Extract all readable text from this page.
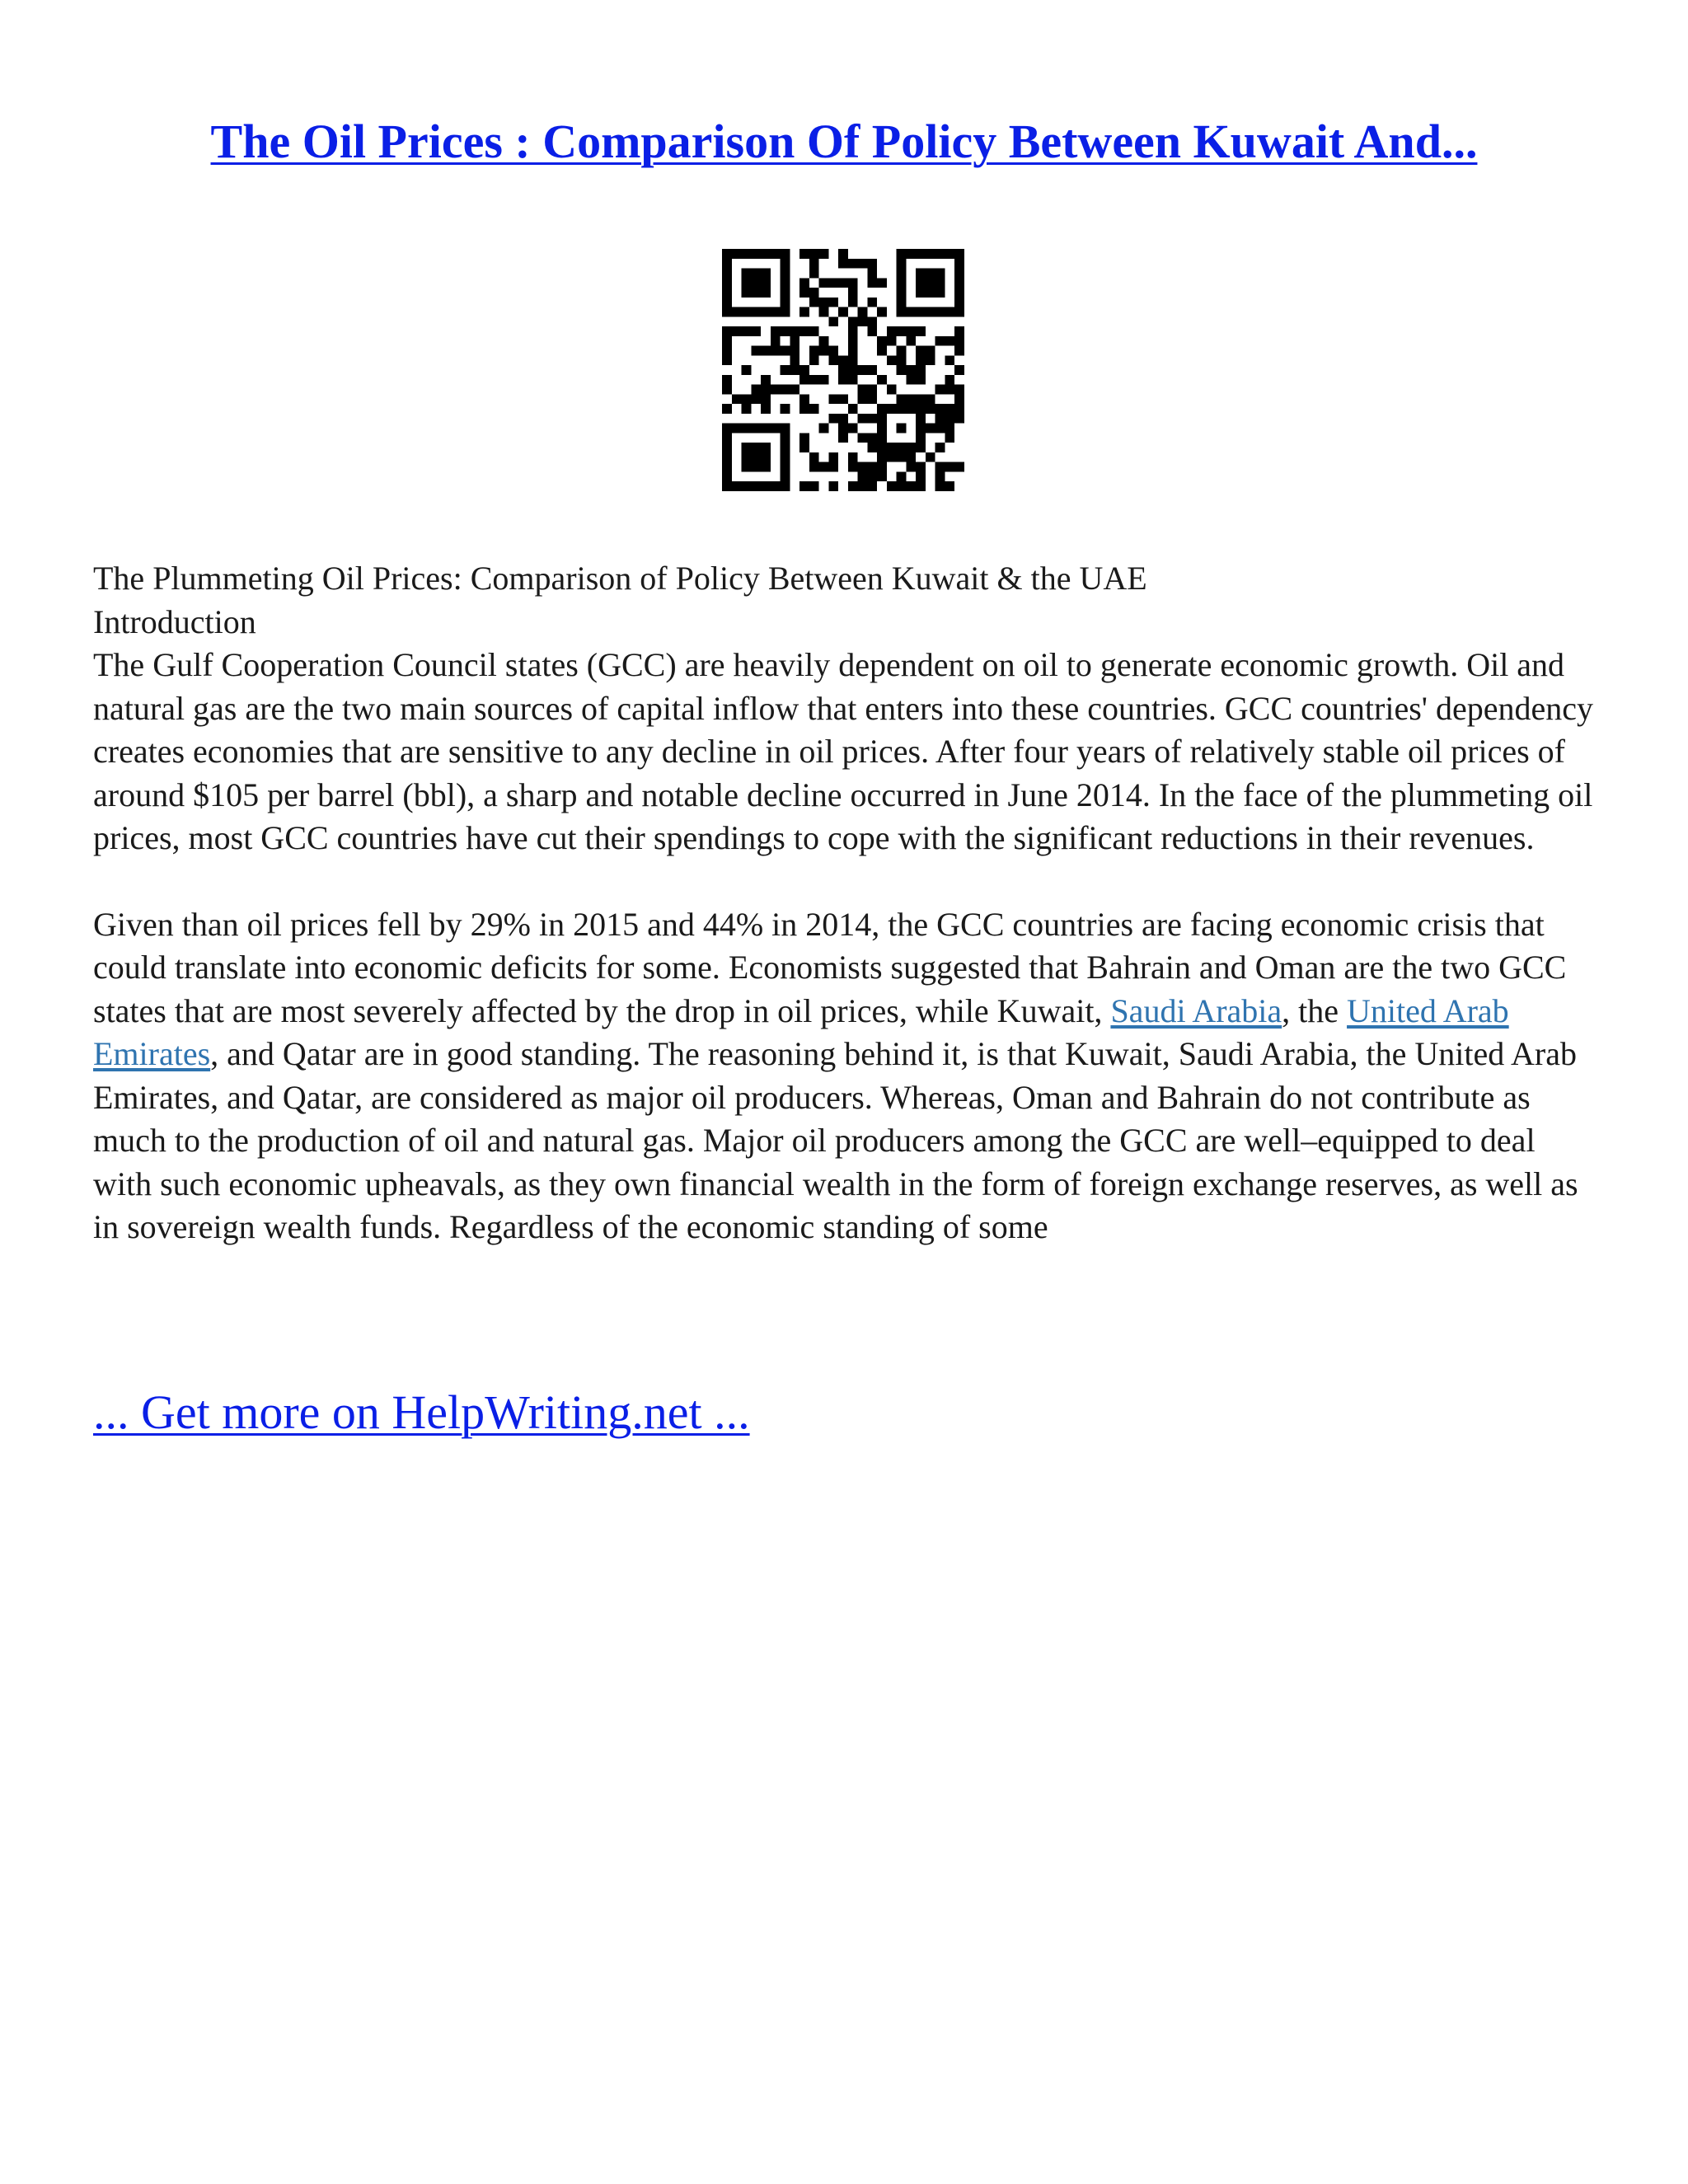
The Oil Prices : Comparison Of Policy Between Kuwait And...

The Plummeting Oil Prices: Comparison of Policy Between Kuwait & the UAE

Introduction

The Gulf Cooperation Council states (GCC) are heavily dependent on oil to generate economic growth. Oil and natural gas are the two main sources of capital inflow that enters into these countries. GCC countries' dependency creates economies that are sensitive to any decline in oil prices. After four years of relatively stable oil prices of around $105 per barrel (bbl), a sharp and notable decline occurred in June 2014. In the face of the plummeting oil prices, most GCC countries have cut their spendings to cope with the significant reductions in their revenues.

Given than oil prices fell by 29% in 2015 and 44% in 2014, the GCC countries are facing economic crisis that could translate into economic deficits for some. Economists suggested that Bahrain and Oman are the two GCC states that are most severely affected by the drop in oil prices, while Kuwait, Saudi Arabia, the United Arab Emirates, and Qatar are in good standing. The reasoning behind it, is that Kuwait, Saudi Arabia, the United Arab Emirates, and Qatar, are considered as major oil producers. Whereas, Oman and Bahrain do not contribute as much to the production of oil and natural gas. Major oil producers among the GCC are well–equipped to deal with such economic upheavals, as they own financial wealth in the form of foreign exchange reserves, as well as in sovereign wealth funds. Regardless of the economic standing of some

... Get more on HelpWriting.net ...
